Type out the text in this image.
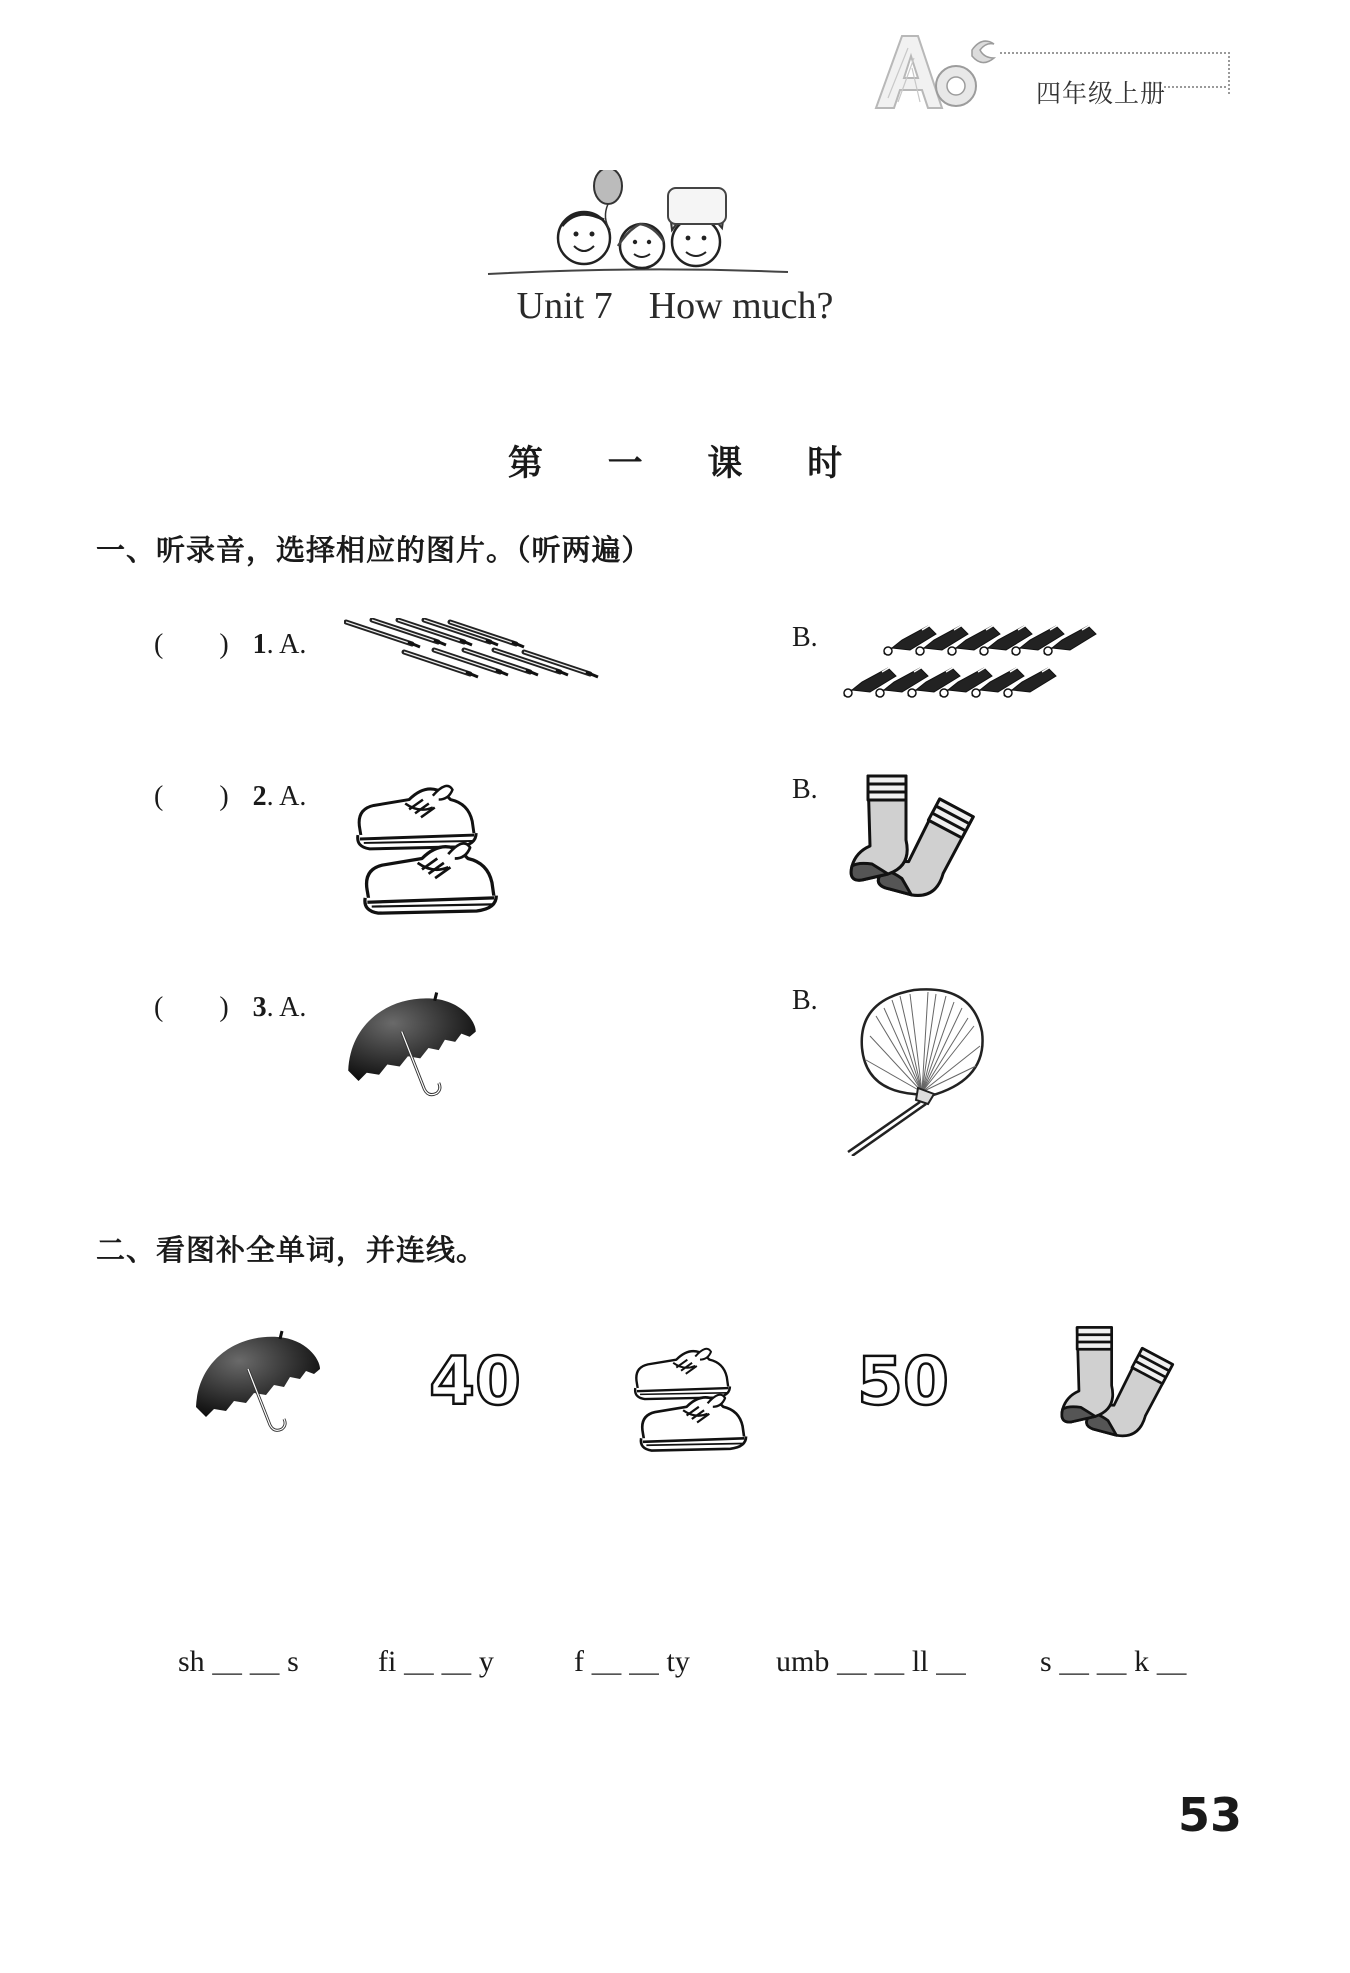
四年级上册
Unit 7 How much?
第 一 课 时
一、听录音，选择相应的图片。（听两遍）
(　　) 1. A.	B.
(　　) 2. A.	B.
(　　) 3. A.	B.
二、看图补全单词，并连线。
40	50
sh ＿ ＿ s	fi ＿ ＿ y	f ＿ ＿ ty	umb ＿ ＿ ll ＿ s ＿ ＿ k ＿
53
